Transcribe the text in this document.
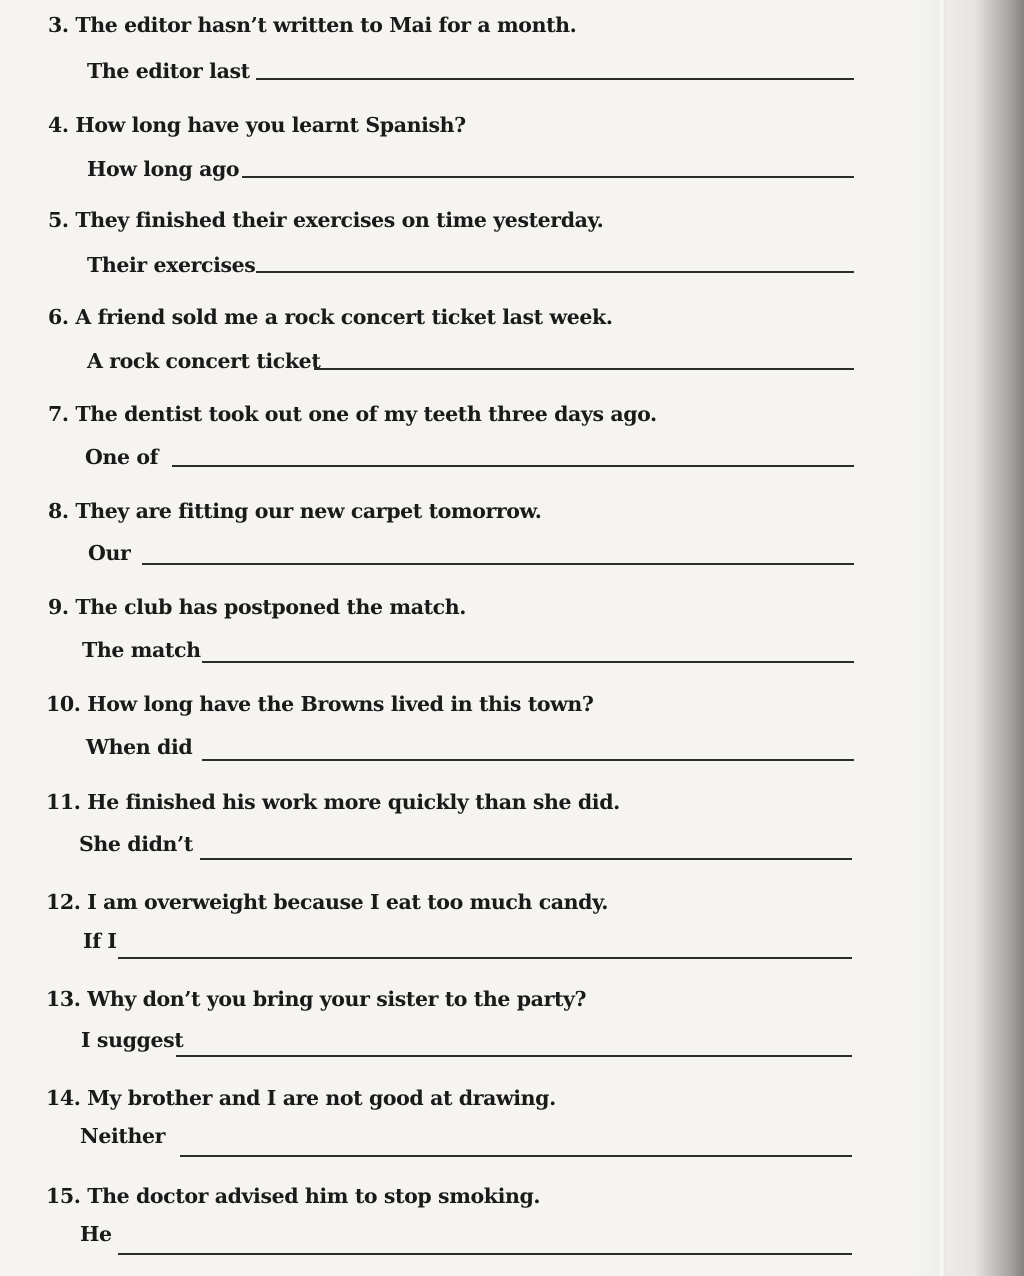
3. The editor hasn’t written to Mai for a month.
The editor last
4. How long have you learnt Spanish?
How long ago
5. They finished their exercises on time yesterday.
Their exercises
6. A friend sold me a rock concert ticket last week.
A rock concert ticket
7. The dentist took out one of my teeth three days ago.
One of
8. They are fitting our new carpet tomorrow.
Our
9. The club has postponed the match.
The match
10. How long have the Browns lived in this town?
When did
11. He finished his work more quickly than she did.
She didn’t
12. I am overweight because I eat too much candy.
If I
13. Why don’t you bring your sister to the party?
I suggest
14. My brother and I are not good at drawing.
Neither
15. The doctor advised him to stop smoking.
He
